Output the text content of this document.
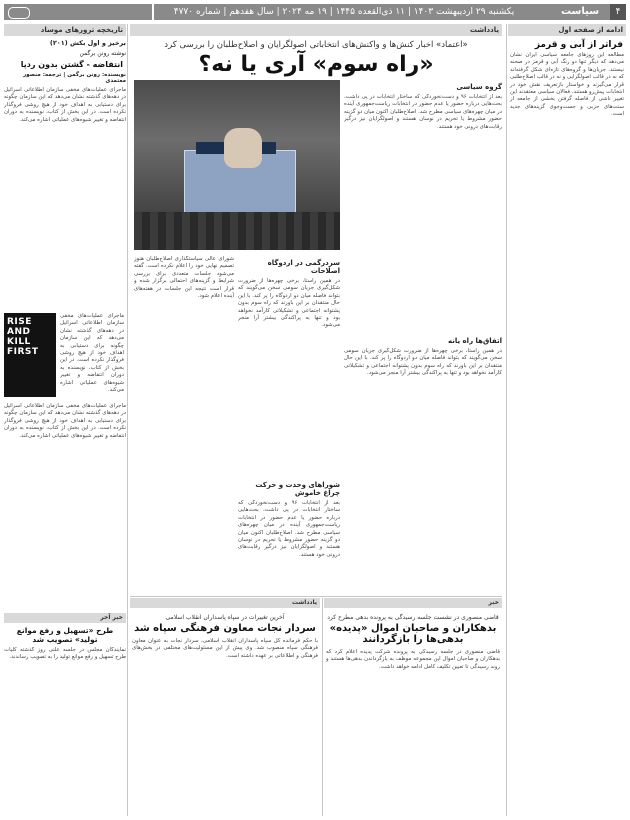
یکشنبه ۲۹ اردیبهشت ۱۴۰۳ | ۱۱ ذی‌القعده ۱۴۴۵ | ۱۹ مه ۲۰۲۴ | سال هفدهم | شماره ۴۷۷۰	سیاست	۴
تاریخچه ترورهای موساد
برخیز و اول بکش (۲۰۱)
نوشته رونن برگمن
انتفاضه - گشتن بدون ردپا
نویسنده: رونن برگمن | ترجمه: منصور معتمدی
ماجرای عملیات‌های مخفی سازمان اطلاعاتی اسرائیل در دهه‌های گذشته نشان می‌دهد که این سازمان چگونه برای دستیابی به اهداف خود از هیچ روشی فروگذار نکرده است. در این بخش از کتاب، نویسنده به دوران انتفاضه و تغییر شیوه‌های عملیاتی اشاره می‌کند.
RISE
AND
KILL
FIRST
ماجرای عملیات‌های مخفی سازمان اطلاعاتی اسرائیل در دهه‌های گذشته نشان می‌دهد که این سازمان چگونه برای دستیابی به اهداف خود از هیچ روشی فروگذار نکرده است. در این بخش از کتاب، نویسنده به دوران انتفاضه و تغییر شیوه‌های عملیاتی اشاره می‌کند.
ماجرای عملیات‌های مخفی سازمان اطلاعاتی اسرائیل در دهه‌های گذشته نشان می‌دهد که این سازمان چگونه برای دستیابی به اهداف خود از هیچ روشی فروگذار نکرده است. در این بخش از کتاب، نویسنده به دوران انتفاضه و تغییر شیوه‌های عملیاتی اشاره می‌کند.
خبر آخر
طرح «تسهیل و رفع موانع تولید» تصویب شد
نمایندگان مجلس در جلسه علنی روز گذشته کلیات طرح تسهیل و رفع موانع تولید را به تصویب رساندند.
یادداشت
«اعتماد» اخبار کنش‌ها و واکنش‌های انتخاباتی اصولگرایان و اصلاح‌طلبان را بررسی کرد
«راه سوم» آری یا نه؟
گروه سیاسی
بعد از انتخابات ۹۶ و دست‌نخوردگی که ساختار انتخابات در پی داشت، بحث‌هایی درباره حضور یا عدم حضور در انتخابات ریاست‌جمهوری آینده در میان چهره‌های سیاسی مطرح شد. اصلاح‌طلبان اکنون میان دو گزینه حضور مشروط یا تحریم در نوسان هستند و اصولگرایان نیز درگیر رقابت‌های درونی خود هستند.
اتفاق‌ها راه یانه
در همین راستا، برخی چهره‌ها از ضرورت شکل‌گیری جریان سومی سخن می‌گویند که بتواند فاصله میان دو اردوگاه را پر کند. با این حال منتقدان بر این باورند که راه سوم بدون پشتوانه اجتماعی و تشکیلاتی کارآمد نخواهد بود و تنها به پراکندگی بیشتر آرا منجر می‌شود.
شورای عالی سیاستگذاری اصلاح‌طلبان هنوز تصمیم نهایی خود را اعلام نکرده است. گفته می‌شود جلسات متعددی برای بررسی شرایط و گزینه‌های احتمالی برگزار شده و قرار است نتیجه این جلسات در هفته‌های آینده اعلام شود.
سردرگمی در اردوگاه اصلاحات
در همین راستا، برخی چهره‌ها از ضرورت شکل‌گیری جریان سومی سخن می‌گویند که بتواند فاصله میان دو اردوگاه را پر کند. با این حال منتقدان بر این باورند که راه سوم بدون پشتوانه اجتماعی و تشکیلاتی کارآمد نخواهد بود و تنها به پراکندگی بیشتر آرا منجر می‌شود.
شوراهای وحدت و حرکت چراغ خاموش
بعد از انتخابات ۹۶ و دست‌نخوردگی که ساختار انتخابات در پی داشت، بحث‌هایی درباره حضور یا عدم حضور در انتخابات ریاست‌جمهوری آینده در میان چهره‌های سیاسی مطرح شد. اصلاح‌طلبان اکنون میان دو گزینه حضور مشروط یا تحریم در نوسان هستند و اصولگرایان نیز درگیر رقابت‌های درونی خود هستند.
ادامه از صفحه اول
فراتر از آبی و قرمز
مطالعه این روزهای جامعه سیاسی ایران نشان می‌دهد که دیگر تنها دو رنگ آبی و قرمز در صحنه نیستند. جریان‌ها و گروه‌های تازه‌ای شکل گرفته‌اند که نه در قالب اصولگرایی و نه در قالب اصلاح‌طلبی قرار می‌گیرند و خواستار بازتعریف نقش خود در انتخابات پیش‌رو هستند. فعالان سیاسی معتقدند این تغییر ناشی از فاصله گرفتن بخشی از جامعه از سنت‌های حزبی و جست‌وجوی گزینه‌های جدید است.
یادداشت
آخرین تغییرات در سپاه پاسداران انقلاب اسلامی
سردار نجات معاون فرهنگی سپاه شد
با حکم فرمانده کل سپاه پاسداران انقلاب اسلامی، سردار نجات به عنوان معاون فرهنگی سپاه منصوب شد. وی پیش از این مسئولیت‌های مختلفی در بخش‌های فرهنگی و اطلاعاتی بر عهده داشته است.
خبر
قاضی منصوری در نشست جلسه رسیدگی به پرونده بدهی مطرح کرد
بدهکاران و صاحبان اموال «پدیده» بدهی‌ها را بازگردانند
قاضی منصوری در جلسه رسیدگی به پرونده شرکت پدیده اعلام کرد که بدهکاران و صاحبان اموال این مجموعه موظف به بازگرداندن بدهی‌ها هستند و روند رسیدگی تا تعیین تکلیف کامل ادامه خواهد داشت.
